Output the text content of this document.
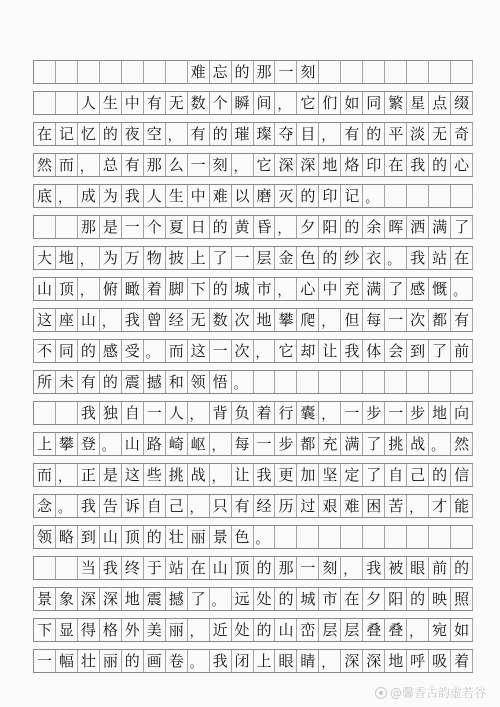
难 忘 的 那 一 刻
人 生 中 有 无 数 个 瞬 间 ， 它 们 如 同 繁 星 点 缀
在 记 忆 的 夜 空 ， 有 的 璀 璨 夺 目 ， 有 的 平 淡 无 奇
然 而 ， 总 有 那 么 一 刻 ， 它 深 深 地 烙 印 在 我 的 心
底 ， 成 为 我 人 生 中 难 以 磨 灭 的 印 记 。
那 是 一 个 夏 日 的 黄 昏 ， 夕 阳 的 余 晖 洒 满 了
大 地 ， 为 万 物 披 上 了 一 层 金 色 的 纱 衣 。 我 站 在
山 顶 ， 俯 瞰 着 脚 下 的 城 市 ， 心 中 充 满 了 感 慨 。
这 座 山 ， 我 曾 经 无 数 次 地 攀 爬 ， 但 每 一 次 都 有
不 同 的 感 受 。 而 这 一 次 ， 它 却 让 我 体 会 到 了 前
所 未 有 的 震 撼 和 领 悟 。
我 独 自 一 人 ， 背 负 着 行 囊 ， 一 步 一 步 地 向
上 攀 登 。 山 路 崎 岖 ， 每 一 步 都 充 满 了 挑 战 。 然
而 ， 正 是 这 些 挑 战 ， 让 我 更 加 坚 定 了 自 己 的 信
念 。 我 告 诉 自 己 ， 只 有 经 历 过 艰 难 困 苦 ， 才 能
领 略 到 山 顶 的 壮 丽 景 色 。
当 我 终 于 站 在 山 顶 的 那 一 刻 ， 我 被 眼 前 的
景 象 深 深 地 震 撼 了 。 远 处 的 城 市 在 夕 阳 的 映 照
下 显 得 格 外 美 丽 ， 近 处 的 山 峦 层 层 叠 叠 ， 宛 如
一 幅 壮 丽 的 画 卷 。 我 闭 上 眼 睛 ， 深 深 地 呼 吸 着
@馨香古韵虚若谷
